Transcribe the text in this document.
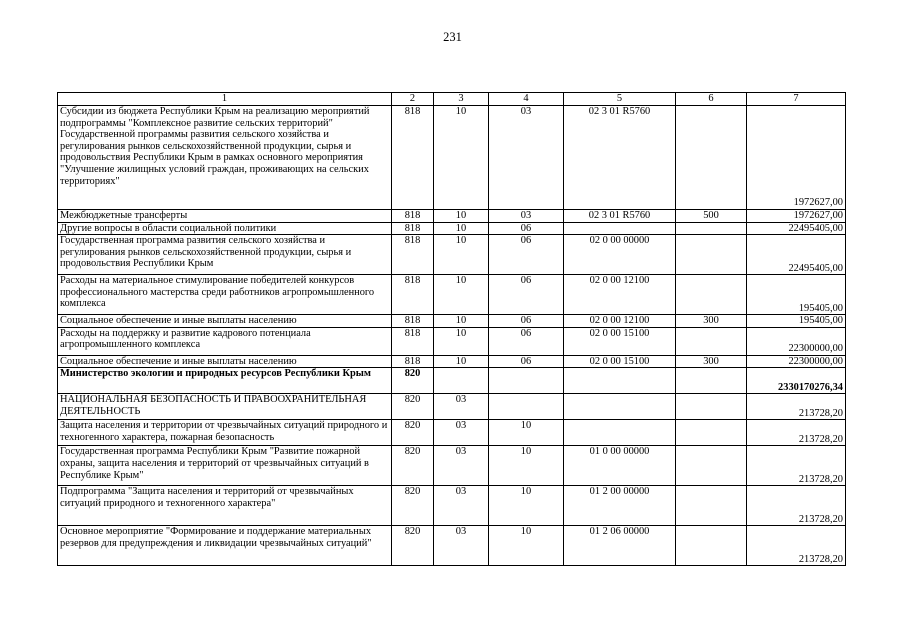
231
1	2	3	4	5	6	7
Субсидии из бюджета Республики Крым на реализацию мероприятий подпрограммы "Комплексное развитие сельских территорий" Государственной программы развития сельского хозяйства и регулирования рынков сельскохозяйственной продукции, сырья и продовольствия Республики Крым в рамках основного мероприятия "Улучшение жилищных условий граждан, проживающих на сельских территориях"	818	10	03	02 3 01 R5760		1972627,00
Межбюджетные трансферты	818	10	03	02 3 01 R5760	500	1972627,00
Другие вопросы в области социальной политики	818	10	06			22495405,00
Государственная программа развития сельского хозяйства и регулирования рынков сельскохозяйственной продукции, сырья и продовольствия Республики Крым	818	10	06	02 0 00 00000		22495405,00
Расходы на материальное стимулирование победителей конкурсов профессионального мастерства среди работников агропромышленного комплекса	818	10	06	02 0 00 12100		195405,00
Социальное обеспечение и иные выплаты населению	818	10	06	02 0 00 12100	300	195405,00
Расходы на поддержку и развитие кадрового потенциала агропромышленного комплекса	818	10	06	02 0 00 15100		22300000,00
Социальное обеспечение и иные выплаты населению	818	10	06	02 0 00 15100	300	22300000,00
Министерство экологии и природных ресурсов Республики Крым	820					2330170276,34
НАЦИОНАЛЬНАЯ БЕЗОПАСНОСТЬ И ПРАВООХРАНИТЕЛЬНАЯ ДЕЯТЕЛЬНОСТЬ	820	03				213728,20
Защита населения и территории от чрезвычайных ситуаций природного и техногенного характера, пожарная безопасность	820	03	10			213728,20
Государственная программа Республики Крым "Развитие пожарной охраны, защита населения и территорий от чрезвычайных ситуаций в Республике Крым"	820	03	10	01 0 00 00000		213728,20
Подпрограмма "Защита населения и территорий от чрезвычайных ситуаций природного и техногенного характера"	820	03	10	01 2 00 00000		213728,20
Основное мероприятие "Формирование и поддержание материальных резервов для предупреждения и ликвидации чрезвычайных ситуаций"	820	03	10	01 2 06 00000		213728,20
